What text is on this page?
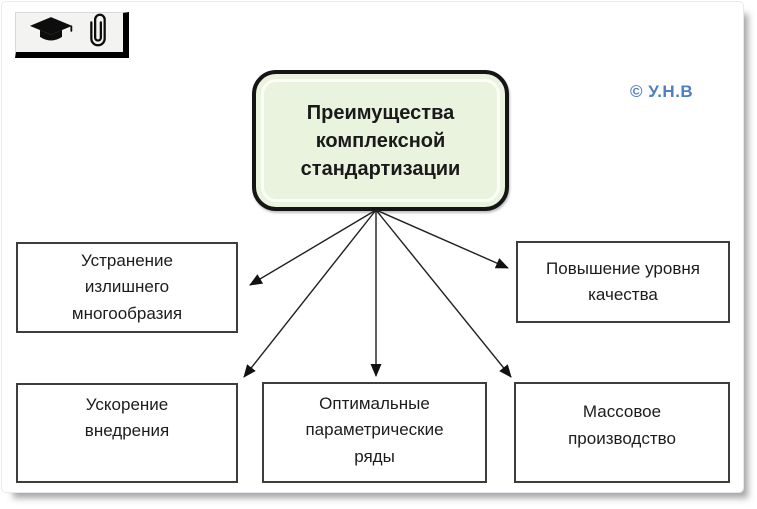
© У.Н.В
Преимущества комплексной стандартизации
Устранение излишнего многообразия
Повышение уровня качества
Ускорение внедрения
Оптимальные параметрические ряды
Массовое производство
